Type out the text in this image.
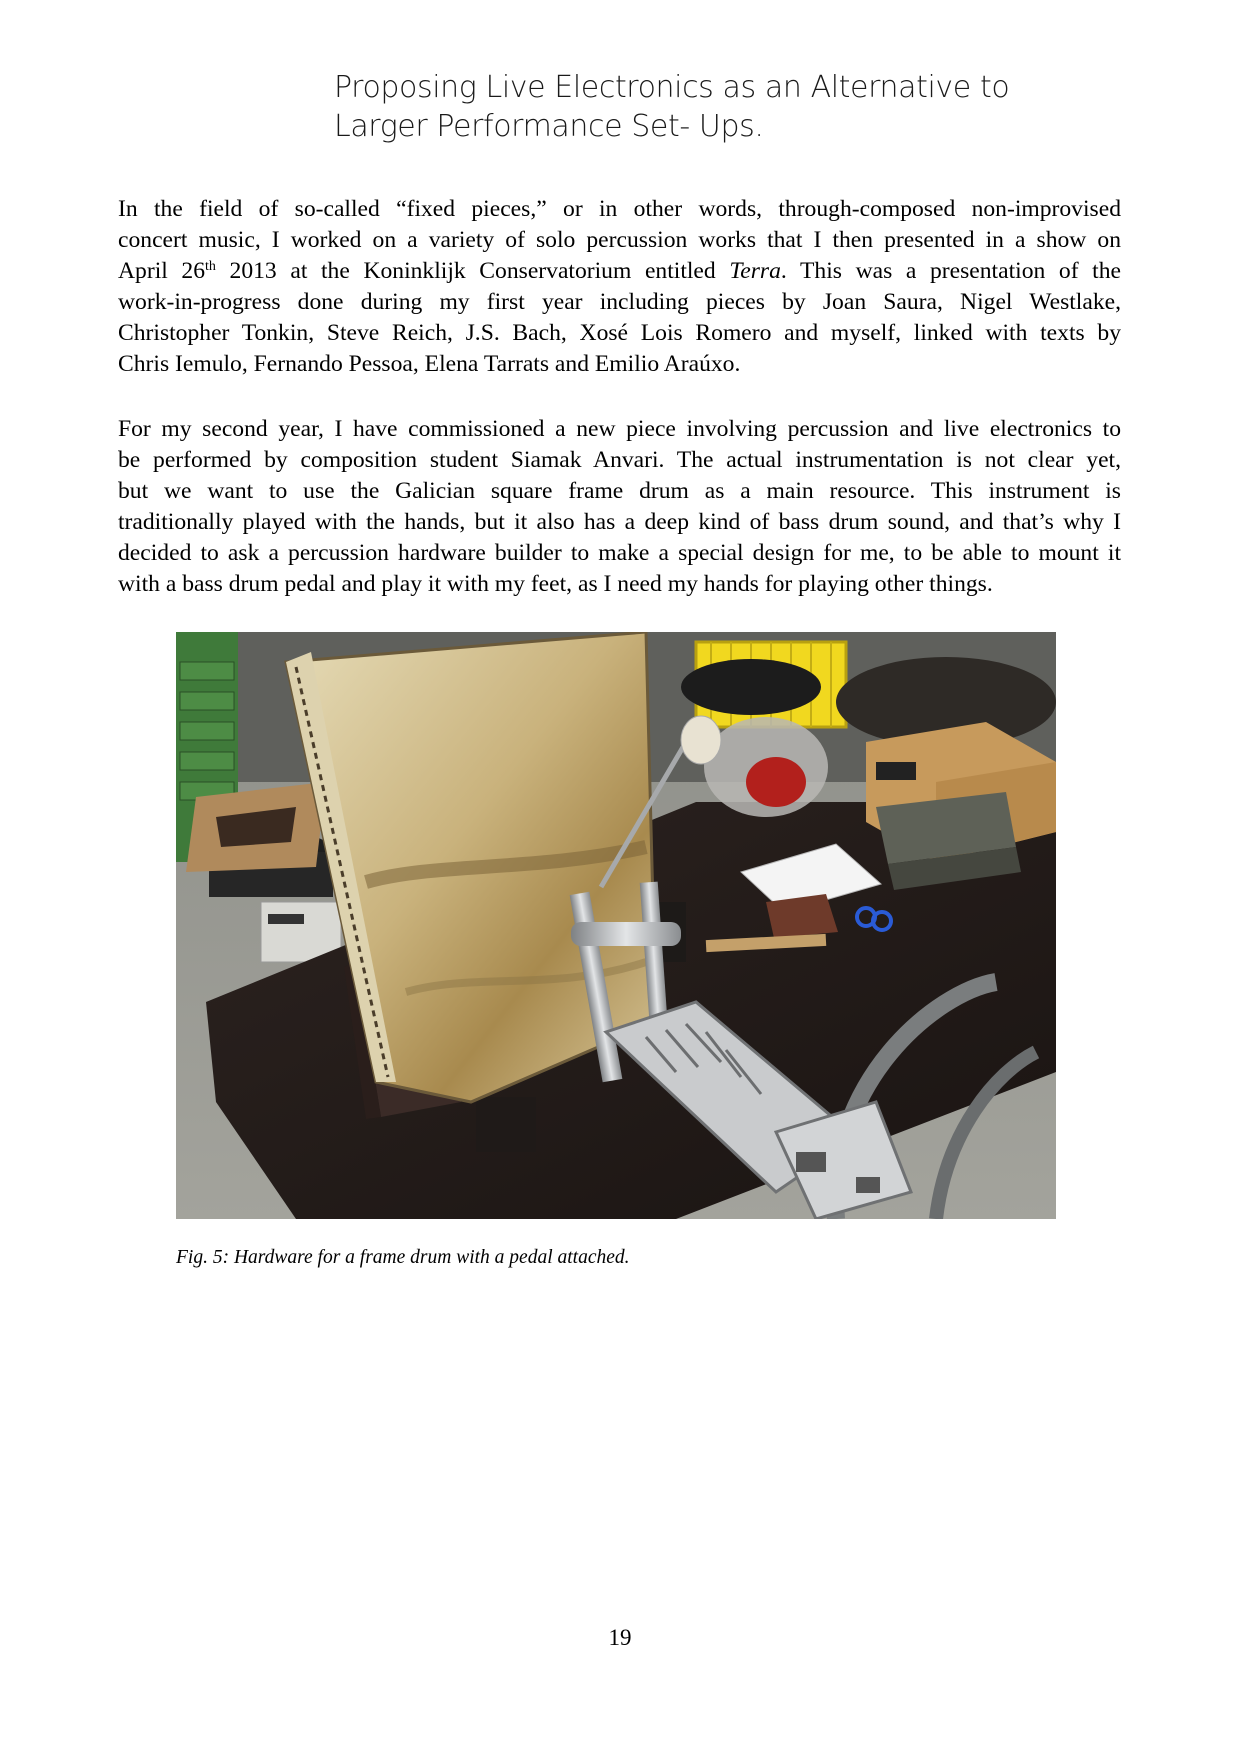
Proposing Live Electronics as an Alternative to
Larger Performance Set- Ups.
In the field of so-called “fixed pieces,” or in other words, through-composed non-improvised
concert music, I worked on a variety of solo percussion works that I then presented in a show on
April 26th 2013 at the Koninklijk Conservatorium entitled Terra. This was a presentation of the
work-in-progress done during my first year including pieces by Joan Saura, Nigel Westlake,
Christopher Tonkin, Steve Reich, J.S. Bach, Xosé Lois Romero and myself, linked with texts by
Chris Iemulo, Fernando Pessoa, Elena Tarrats and Emilio Araúxo.
For my second year, I have commissioned a new piece involving percussion and live electronics to
be performed by composition student Siamak Anvari. The actual instrumentation is not clear yet,
but we want to use the Galician square frame drum as a main resource. This instrument is
traditionally played with the hands, but it also has a deep kind of bass drum sound, and that’s why I
decided to ask a percussion hardware builder to make a special design for me, to be able to mount it
with a bass drum pedal and play it with my feet, as I need my hands for playing other things.
Fig. 5: Hardware for a frame drum with a pedal attached.
19
